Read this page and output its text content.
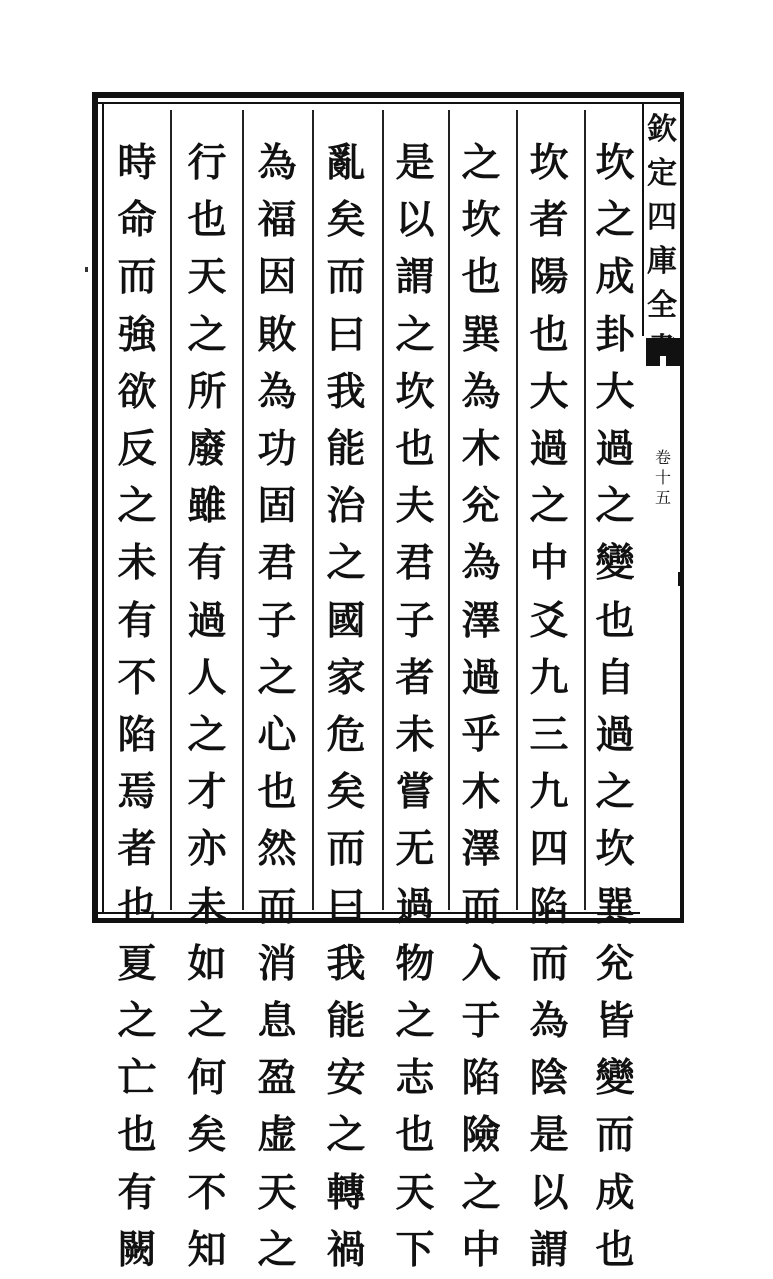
欽定四庫全
卷十五
坎之成卦大過之變也自過之坎巽兊皆變而成也
坎者陽也大過之中爻九三九四陷而為陰是以謂
之坎也巽為木兊為澤過乎木澤而入于陷險之中
是以謂之坎也夫君子者未嘗无過物之志也天下
亂矣而曰我能治之國家危矣而曰我能安之轉禍
為福因敗為功固君子之心也然而消息盈虚天之
行也天之所廢雖有過人之才亦未如之何矣不知
時命而強欲反之未有不陷焉者也夏之亡也有闕
